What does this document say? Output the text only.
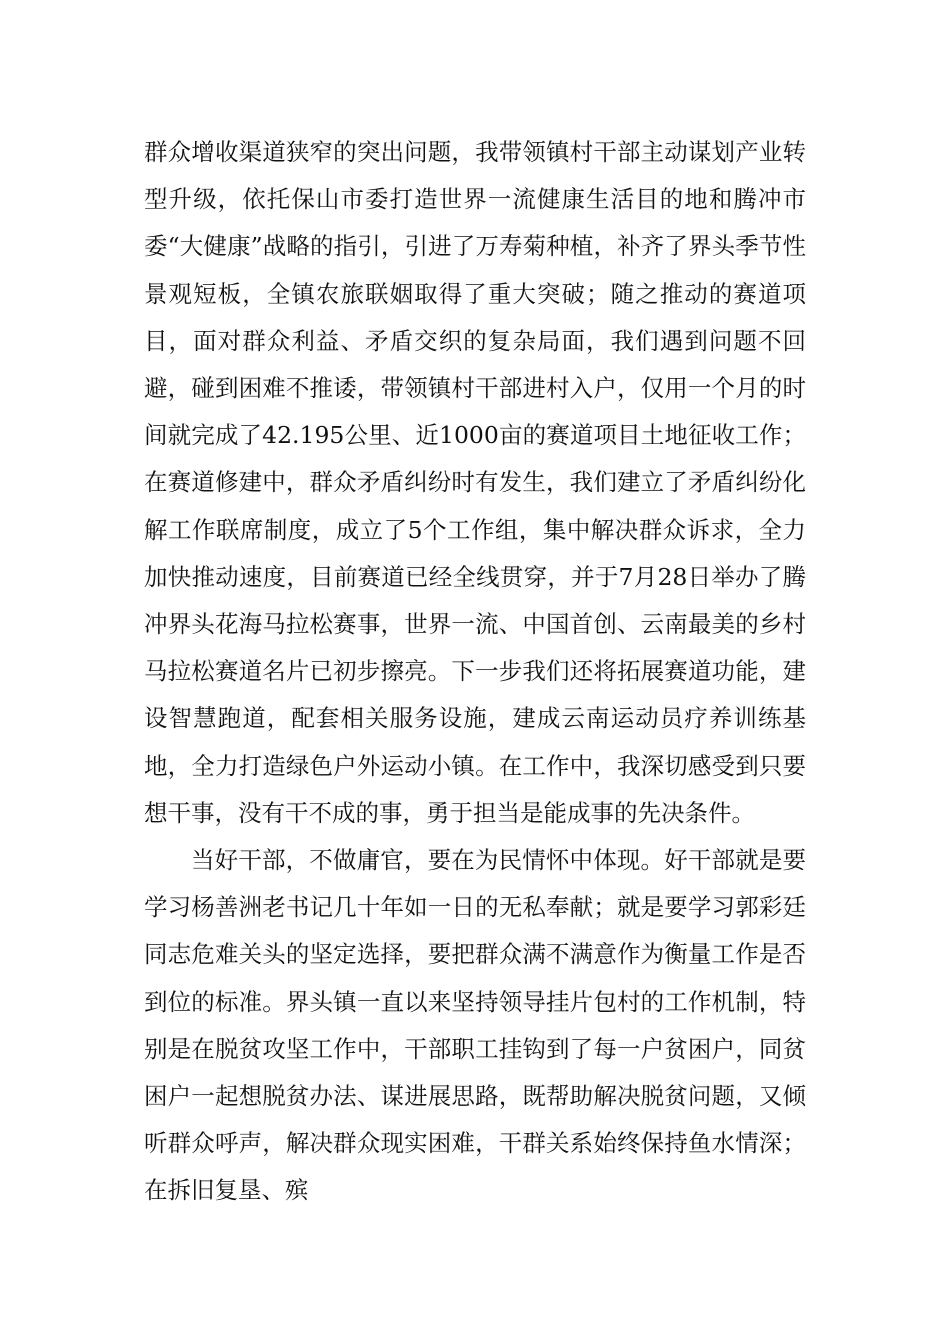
群众增收渠道狭窄的突出问题，我带领镇村干部主动谋划产业转型升级，依托保山市委打造世界一流健康生活目的地和腾冲市委“大健康”战略的指引，引进了万寿菊种植，补齐了界头季节性景观短板，全镇农旅联姻取得了重大突破；随之推动的赛道项目，面对群众利益、矛盾交织的复杂局面，我们遇到问题不回避，碰到困难不推诿，带领镇村干部进村入户，仅用一个月的时间就完成了42.195公里、近1000亩的赛道项目土地征收工作；在赛道修建中，群众矛盾纠纷时有发生，我们建立了矛盾纠纷化解工作联席制度，成立了5个工作组，集中解决群众诉求，全力加快推动速度，目前赛道已经全线贯穿，并于7月28日举办了腾冲界头花海马拉松赛事，世界一流、中国首创、云南最美的乡村马拉松赛道名片已初步擦亮。下一步我们还将拓展赛道功能，建设智慧跑道，配套相关服务设施，建成云南运动员疗养训练基地，全力打造绿色户外运动小镇。在工作中，我深切感受到只要想干事，没有干不成的事，勇于担当是能成事的先决条件。

当好干部，不做庸官，要在为民情怀中体现。好干部就是要学习杨善洲老书记几十年如一日的无私奉献；就是要学习郭彩廷同志危难关头的坚定选择，要把群众满不满意作为衡量工作是否到位的标准。界头镇一直以来坚持领导挂片包村的工作机制，特别是在脱贫攻坚工作中，干部职工挂钩到了每一户贫困户，同贫困户一起想脱贫办法、谋进展思路，既帮助解决脱贫问题，又倾听群众呼声，解决群众现实困难，干群关系始终保持鱼水情深；在拆旧复垦、殡
